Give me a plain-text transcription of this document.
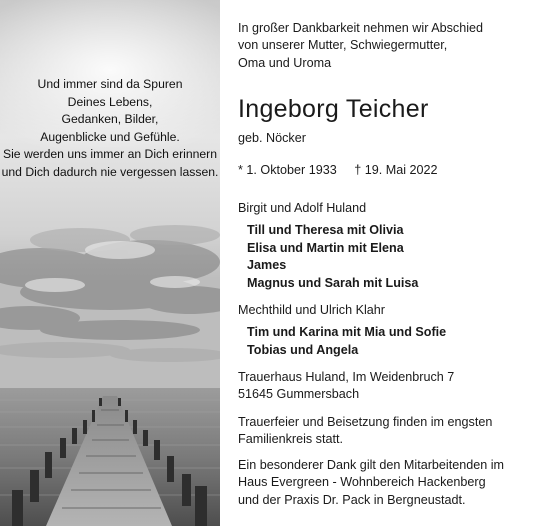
Und immer sind da Spuren
Deines Lebens,
Gedanken, Bilder,
Augenblicke und Gefühle.
Sie werden uns immer an Dich erinnern
und Dich dadurch nie vergessen lassen.
In großer Dankbarkeit nehmen wir Abschied
von unserer Mutter, Schwiegermutter,
Oma und Uroma
Ingeborg Teicher
geb. Nöcker
* 1. Oktober 1933 † 19. Mai 2022
Birgit und Adolf Huland
Till und Theresa mit Olivia
Elisa und Martin mit Elena
James
Magnus und Sarah mit Luisa
Mechthild und Ulrich Klahr
Tim und Karina mit Mia und Sofie
Tobias und Angela
Trauerhaus Huland, Im Weidenbruch 7
51645 Gummersbach
Trauerfeier und Beisetzung finden im engsten
Familienkreis statt.
Ein besonderer Dank gilt den Mitarbeitenden im
Haus Evergreen - Wohnbereich Hackenberg
und der Praxis Dr. Pack in Bergneustadt.
